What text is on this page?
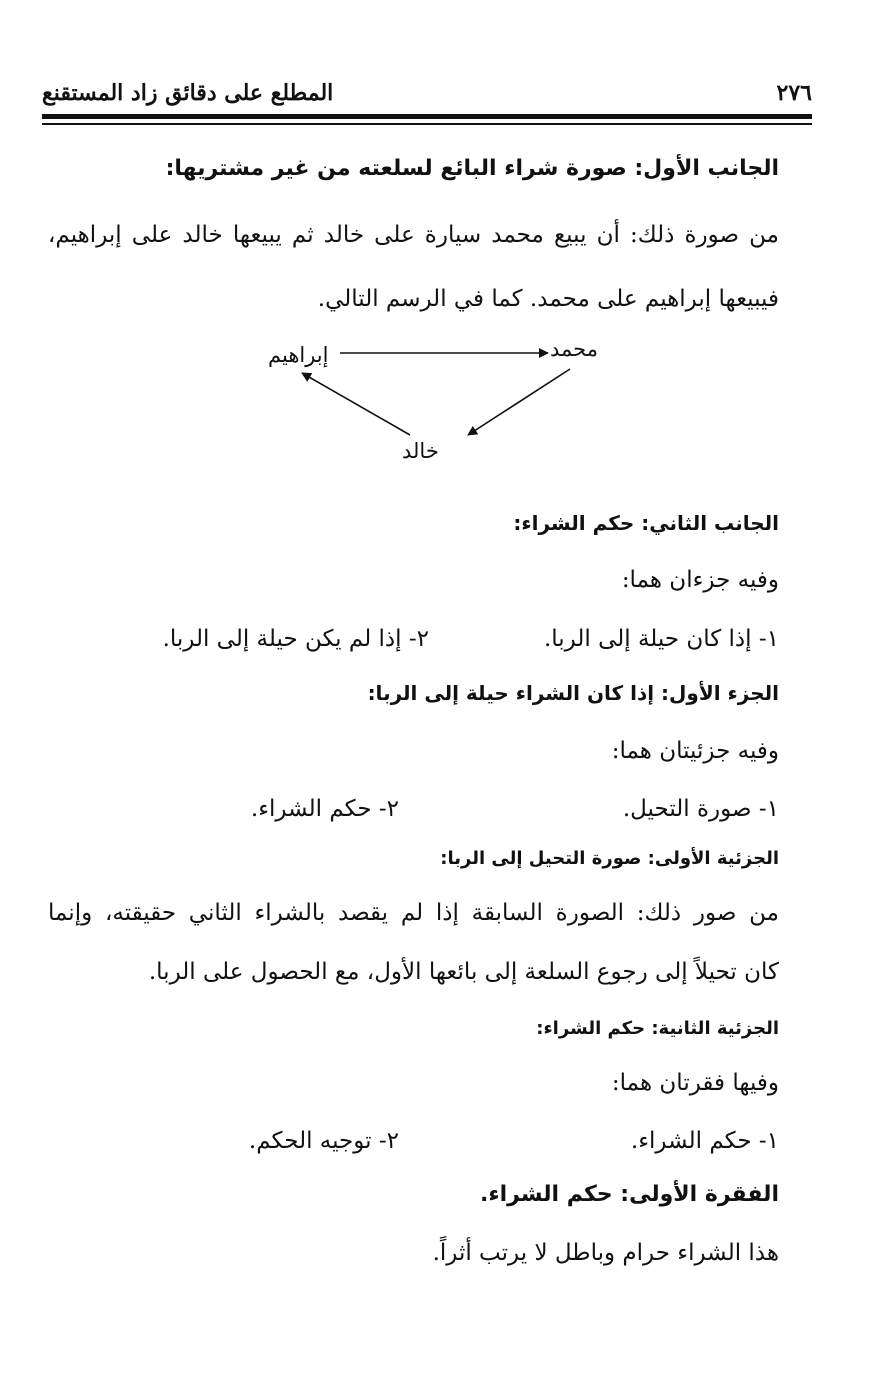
٢٧٦
المطلع على دقائق زاد المستقنع
الجانب الأول: صورة شراء البائع لسلعته من غير مشتريها:
من صورة ذلك: أن يبيع محمد سيارة على خالد ثم يبيعها خالد على إبراهيم،
فيبيعها إبراهيم على محمد. كما في الرسم التالي.
محمد
إبراهيم
خالد
الجانب الثاني: حكم الشراء:
وفيه جزءان هما:
١- إذا كان حيلة إلى الربا.
٢- إذا لم يكن حيلة إلى الربا.
الجزء الأول: إذا كان الشراء حيلة إلى الربا:
وفيه جزئيتان هما:
١- صورة التحيل.
٢- حكم الشراء.
الجزئية الأولى: صورة التحيل إلى الربا:
من صور ذلك: الصورة السابقة إذا لم يقصد بالشراء الثاني حقيقته، وإنما
كان تحيلاً إلى رجوع السلعة إلى بائعها الأول، مع الحصول على الربا.
الجزئية الثانية: حكم الشراء:
وفيها فقرتان هما:
١- حكم الشراء.
٢- توجيه الحكم.
الفقرة الأولى: حكم الشراء.
هذا الشراء حرام وباطل لا يرتب أثراً.
